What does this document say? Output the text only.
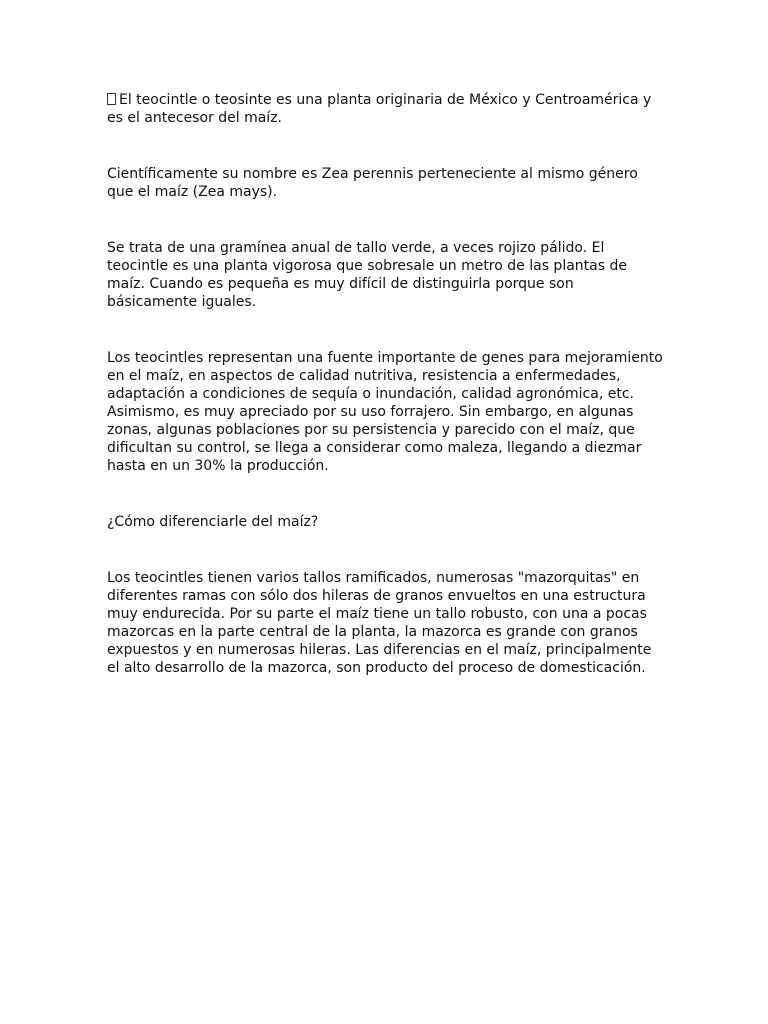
El teocintle o teosinte es una planta originaria de México y Centroamérica y es el antecesor del maíz.

Científicamente su nombre es Zea perennis perteneciente al mismo género que el maíz (Zea mays).

Se trata de una gramínea anual de tallo verde, a veces rojizo pálido. El teocintle es una planta vigorosa que sobresale un metro de las plantas de maíz. Cuando es pequeña es muy difícil de distinguirla porque son básicamente iguales.

Los teocintles representan una fuente importante de genes para mejoramiento en el maíz, en aspectos de calidad nutritiva, resistencia a enfermedades, adaptación a condiciones de sequía o inundación, calidad agronómica, etc. Asimismo, es muy apreciado por su uso forrajero. Sin embargo, en algunas zonas, algunas poblaciones por su persistencia y parecido con el maíz, que dificultan su control, se llega a considerar como maleza, llegando a diezmar hasta en un 30% la producción.

¿Cómo diferenciarle del maíz?

Los teocintles tienen varios tallos ramificados, numerosas "mazorquitas" en diferentes ramas con sólo dos hileras de granos envueltos en una estructura muy endurecida. Por su parte el maíz tiene un tallo robusto, con una a pocas mazorcas en la parte central de la planta, la mazorca es grande con granos expuestos y en numerosas hileras. Las diferencias en el maíz, principalmente el alto desarrollo de la mazorca, son producto del proceso de domesticación.
